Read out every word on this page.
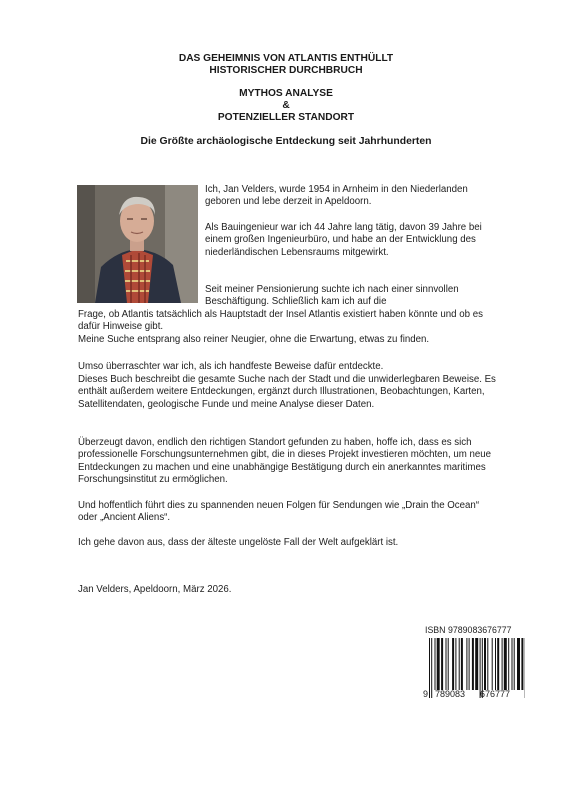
DAS GEHEIMNIS VON ATLANTIS ENTHÜLLT
HISTORISCHER DURCHBRUCH
MYTHOS ANALYSE
&
POTENZIELLER STANDORT
Die Größte archäologische Entdeckung seit Jahrhunderten
Ich, Jan Velders, wurde 1954 in Arnheim in den Niederlanden geboren und lebe derzeit in Apeldoorn.
Als Bauingenieur war ich 44 Jahre lang tätig, davon 39 Jahre bei einem großen Ingenieurbüro, und habe an der Entwicklung des niederländischen Lebensraums mitgewirkt.
Seit meiner Pensionierung suchte ich nach einer sinnvollen Beschäftigung. Schließlich kam ich auf die
Frage, ob Atlantis tatsächlich als Hauptstadt der Insel Atlantis existiert haben könnte und ob es dafür Hinweise gibt.
Meine Suche entsprang also reiner Neugier, ohne die Erwartung, etwas zu finden.
Umso überraschter war ich, als ich handfeste Beweise dafür entdeckte.
Dieses Buch beschreibt die gesamte Suche nach der Stadt und die unwiderlegbaren Beweise. Es enthält außerdem weitere Entdeckungen, ergänzt durch Illustrationen, Beobachtungen, Karten, Satellitendaten, geologische Funde und meine Analyse dieser Daten.
Überzeugt davon, endlich den richtigen Standort gefunden zu haben, hoffe ich, dass es sich professionelle Forschungsunternehmen gibt, die in dieses Projekt investieren möchten, um neue Entdeckungen zu machen und eine unabhängige Bestätigung durch ein anerkanntes maritimes Forschungsinstitut zu ermöglichen.
Und hoffentlich führt dies zu spannenden neuen Folgen für Sendungen wie „Drain the Ocean“ oder „Ancient Aliens“.
Ich gehe davon aus, dass der älteste ungelöste Fall der Welt aufgeklärt ist.
Jan Velders, Apeldoorn, März 2026.
ISBN 9789083676777
9 789083 676777
